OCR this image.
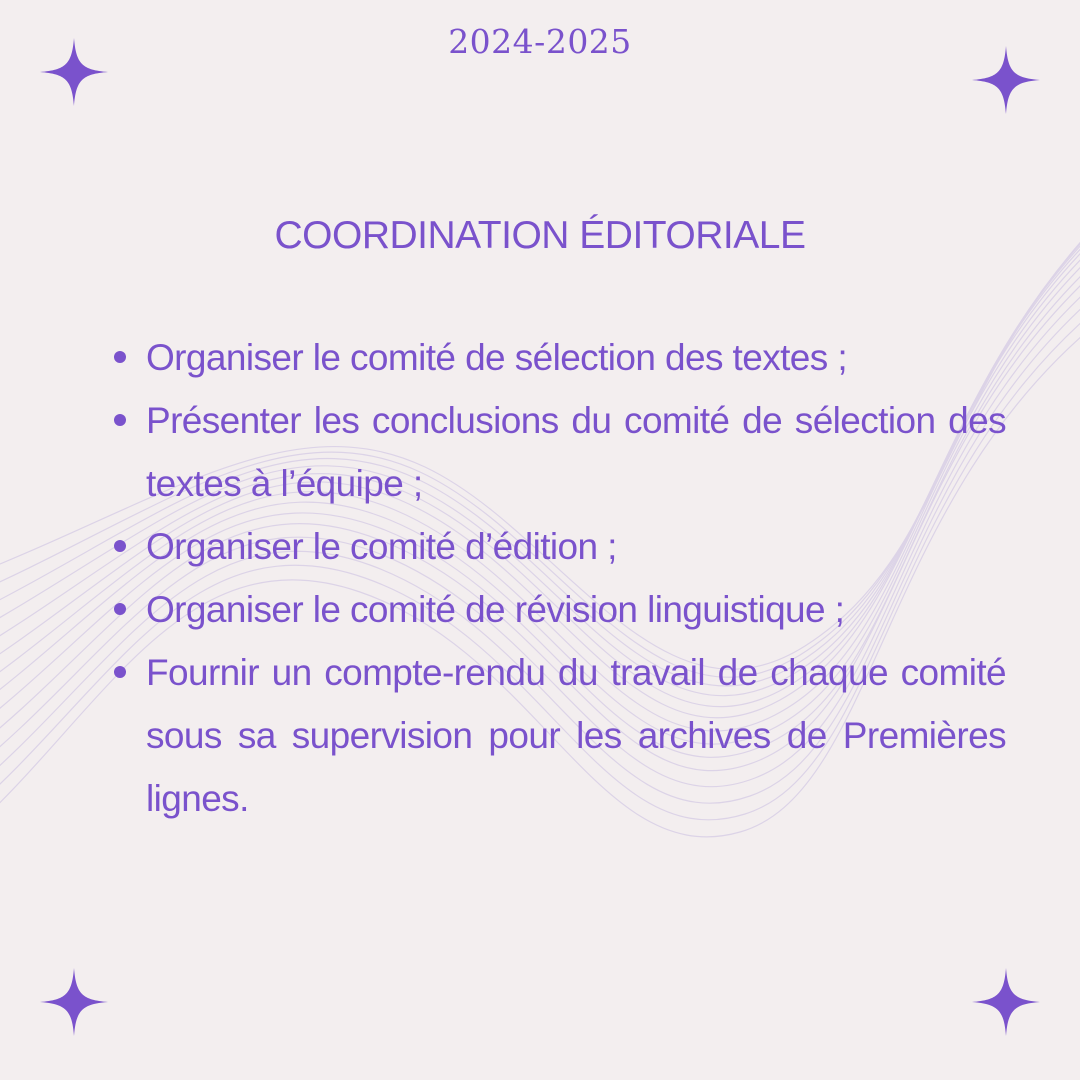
2024-2025
COORDINATION ÉDITORIALE
Organiser le comité de sélection des textes ;
Présenter les conclusions du comité de sélection des textes à l’équipe ;
Organiser le comité d’édition ;
Organiser le comité de révision linguistique ;
Fournir un compte-rendu du travail de chaque comité sous sa supervision pour les archives de Premières lignes.
